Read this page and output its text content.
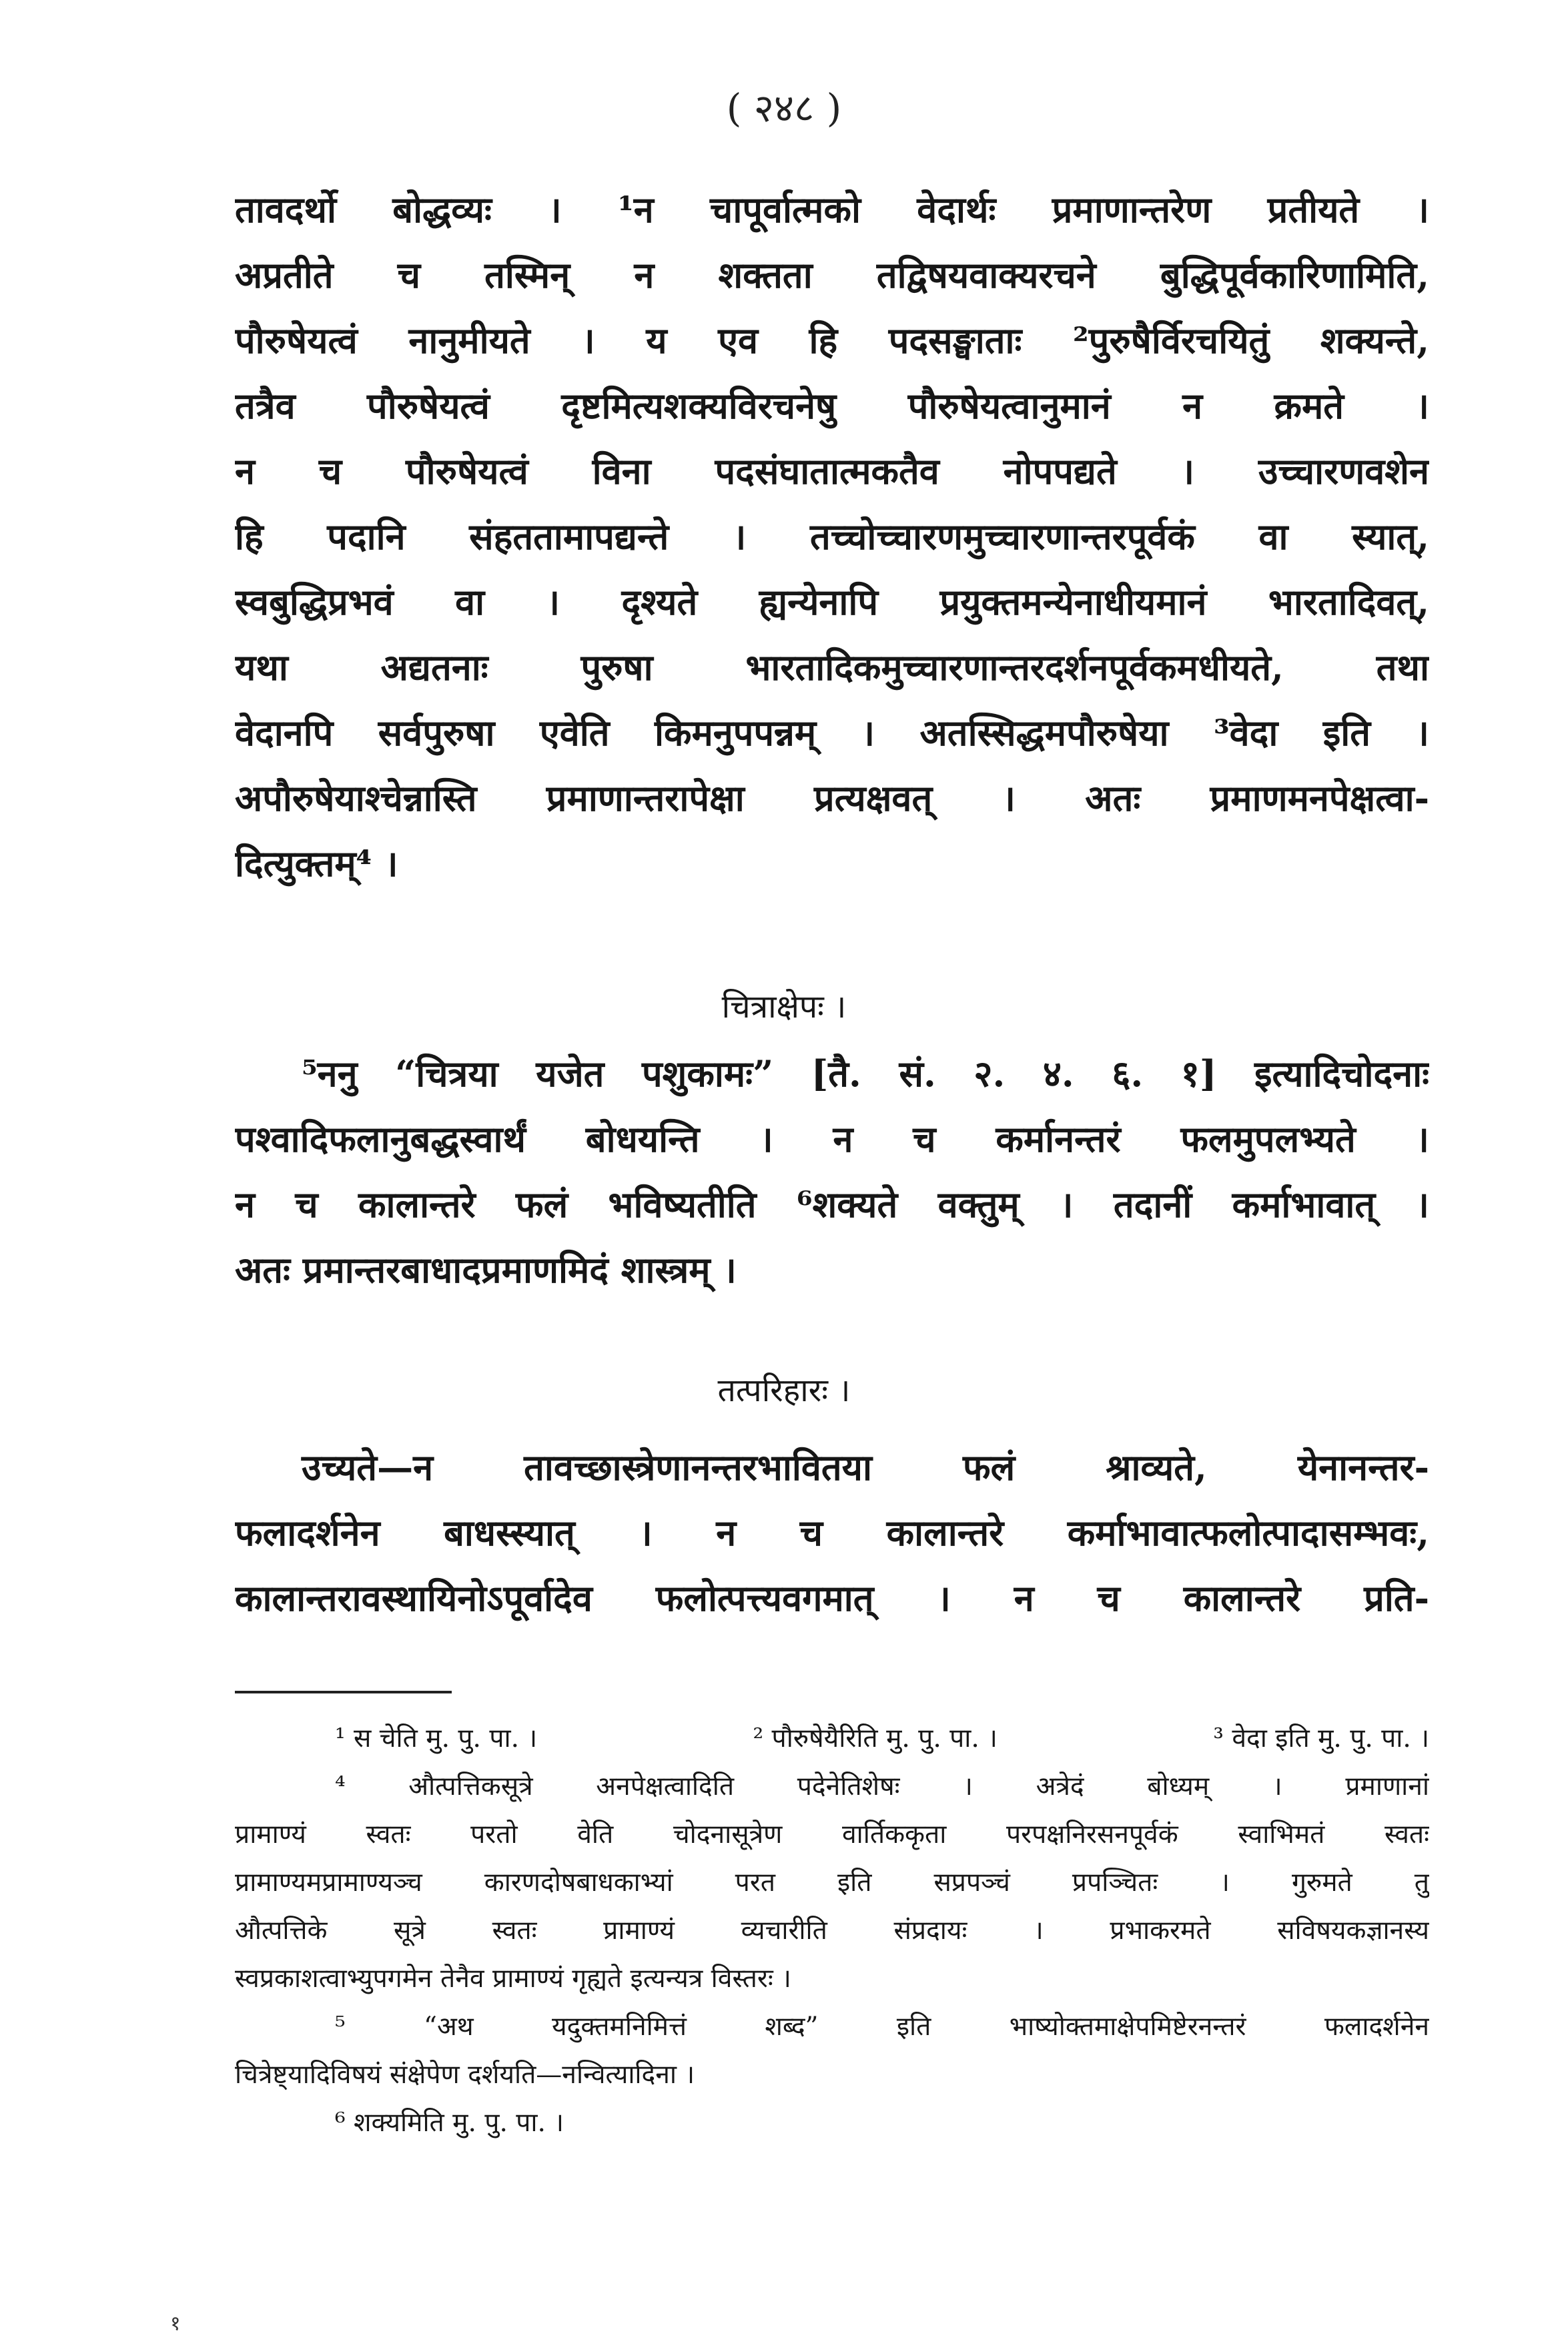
( २४८ )
तावदर्थो बोद्धव्यः । ¹न चापूर्वात्मको वेदार्थः प्रमाणान्तरेण प्रतीयते ।
अप्रतीते च तस्मिन् न शक्तता तद्विषयवाक्यरचने बुद्धिपूर्वकारिणामिति,
पौरुषेयत्वं नानुमीयते । य एव हि पदसङ्घाताः ²पुरुषैर्विरचयितुं शक्यन्ते,
तत्रैव पौरुषेयत्वं दृष्टमित्यशक्यविरचनेषु पौरुषेयत्वानुमानं न क्रमते ।
न च पौरुषेयत्वं विना पदसंघातात्मकतैव नोपपद्यते । उच्चारणवशेन
हि पदानि संहततामापद्यन्ते । तच्चोच्चारणमुच्चारणान्तरपूर्वकं वा स्यात्,
स्वबुद्धिप्रभवं वा । दृश्यते ह्यन्येनापि प्रयुक्तमन्येनाधीयमानं भारतादिवत्,
यथा अद्यतनाः पुरुषा भारतादिकमुच्चारणान्तरदर्शनपूर्वकमधीयते, तथा
वेदानपि सर्वपुरुषा एवेति किमनुपपन्नम् । अतस्सिद्धमपौरुषेया ³वेदा इति ।
अपौरुषेयाश्चेन्नास्ति प्रमाणान्तरापेक्षा प्रत्यक्षवत् । अतः प्रमाणमनपेक्षत्वा-
दित्युक्तम्⁴ ।
चित्राक्षेपः ।
⁵ननु “चित्रया यजेत पशुकामः” [तै. सं. २. ४. ६. १] इत्यादिचोदनाः
पश्वादिफलानुबद्धस्वार्थं बोधयन्ति । न च कर्मानन्तरं फलमुपलभ्यते ।
न च कालान्तरे फलं भविष्यतीति ⁶शक्यते वक्तुम् । तदानीं कर्माभावात् ।
अतः प्रमान्तरबाधादप्रमाणमिदं शास्त्रम् ।
तत्परिहारः ।
उच्यते—न तावच्छास्त्रेणानन्तरभावितया फलं श्राव्यते, येनानन्तर-
फलादर्शनेन बाधस्स्यात् । न च कालान्तरे कर्माभावात्फलोत्पादासम्भवः,
कालान्तरावस्थायिनोऽपूर्वादेव फलोत्पत्त्यवगमात् । न च कालान्तरे प्रति-
¹ स चेति मु. पु. पा. ।	² पौरुषेयैरिति मु. पु. पा. ।	³ वेदा इति मु. पु. पा. ।
⁴ औत्पत्तिकसूत्रे अनपेक्षत्वादिति पदेनेतिशेषः । अत्रेदं बोध्यम् । प्रमाणानां
प्रामाण्यं स्वतः परतो वेति चोदनासूत्रेण वार्तिककृता परपक्षनिरसनपूर्वकं स्वाभिमतं स्वतः
प्रामाण्यमप्रामाण्यञ्च कारणदोषबाधकाभ्यां परत इति सप्रपञ्चं प्रपञ्चितः । गुरुमते तु
औत्पत्तिके सूत्रे स्वतः प्रामाण्यं व्यचारीति संप्रदायः । प्रभाकरमते सविषयकज्ञानस्य
स्वप्रकाशत्वाभ्युपगमेन तेनैव प्रामाण्यं गृह्यते इत्यन्यत्र विस्तरः ।
⁵ “अथ यदुक्तमनिमित्तं शब्द” इति भाष्योक्तमाक्षेपमिष्टेरनन्तरं फलादर्शनेन
चित्रेष्ट्यादिविषयं संक्षेपेण दर्शयति—नन्वित्यादिना ।
⁶ शक्यमिति मु. पु. पा. ।
१
